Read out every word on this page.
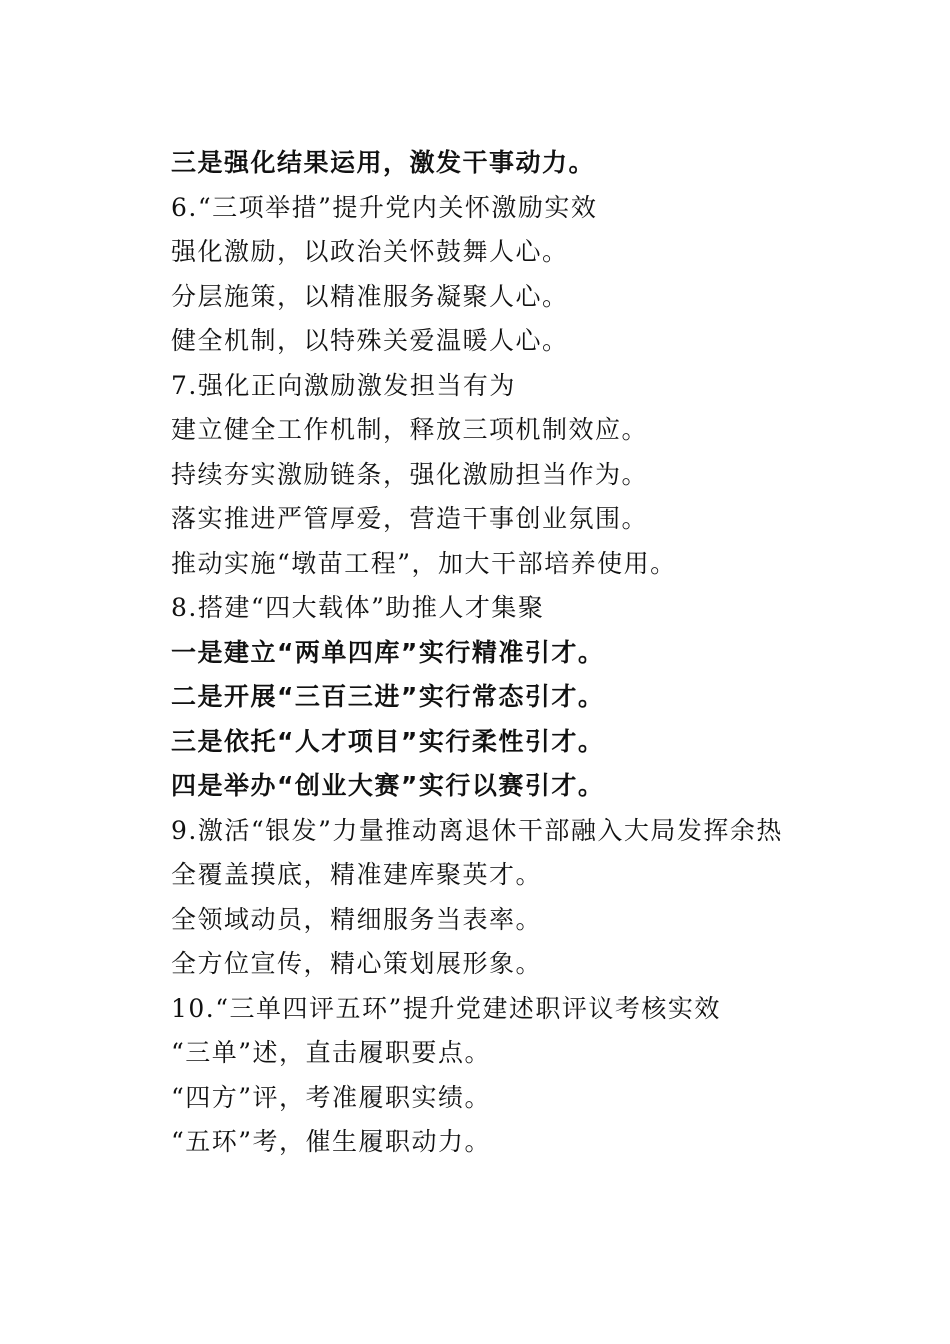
三是强化结果运用，激发干事动力。
6.“三项举措”提升党内关怀激励实效
强化激励，以政治关怀鼓舞人心。
分层施策，以精准服务凝聚人心。
健全机制，以特殊关爱温暖人心。
7.强化正向激励激发担当有为
建立健全工作机制，释放三项机制效应。
持续夯实激励链条，强化激励担当作为。
落实推进严管厚爱，营造干事创业氛围。
推动实施“墩苗工程”，加大干部培养使用。
8.搭建“四大载体”助推人才集聚
一是建立“两单四库”实行精准引才。
二是开展“三百三进”实行常态引才。
三是依托“人才项目”实行柔性引才。
四是举办“创业大赛”实行以赛引才。
9.激活“银发”力量推动离退休干部融入大局发挥余热
全覆盖摸底，精准建库聚英才。
全领域动员，精细服务当表率。
全方位宣传，精心策划展形象。
10.“三单四评五环”提升党建述职评议考核实效
“三单”述，直击履职要点。
“四方”评，考准履职实绩。
“五环”考，催生履职动力。
